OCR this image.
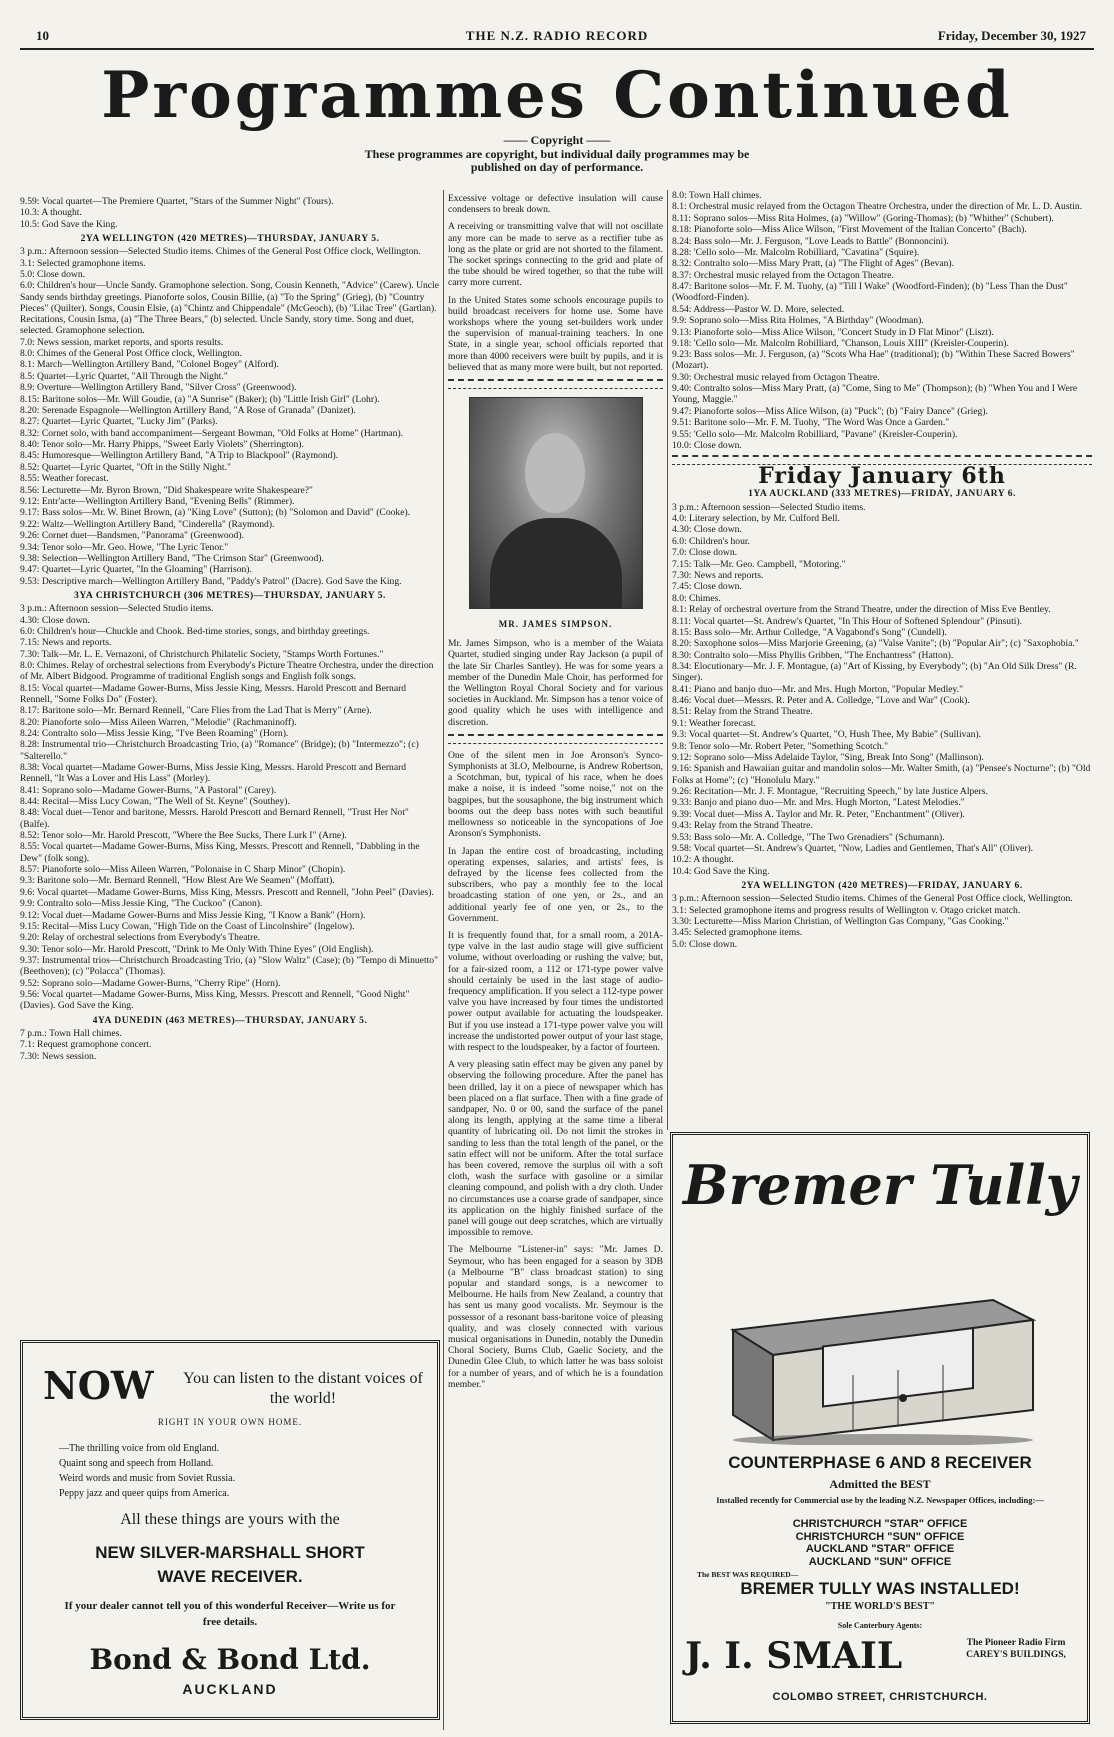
10	THE N.Z. RADIO RECORD	Friday, December 30, 1927
Programmes Continued
—— Copyright ——
These programmes are copyright, but individual daily programmes may be published on day of performance.
9.59: Vocal quartet—The Premiere Quartet, "Stars of the Summer Night" (Tours).
10.3: A thought.
10.5: God Save the King.
2YA WELLINGTON (420 METRES)—THURSDAY, JANUARY 5.
3 p.m.: Afternoon session—Selected Studio items. Chimes of the General Post Office clock, Wellington.
3.1: Selected gramophone items.
5.0: Close down.
6.0: Children's hour—Uncle Sandy. Gramophone selection. Song, Cousin Kenneth, "Advice" (Carew). Uncle Sandy sends birthday greetings. Pianoforte solos, Cousin Billie, (a) "To the Spring" (Grieg), (b) "Country Pieces" (Quilter). Songs, Cousin Elsie, (a) "Chintz and Chippendale" (McGeoch), (b) "Lilac Tree" (Gartlan). Recitations, Cousin Isma, (a) "The Three Bears," (b) selected. Uncle Sandy, story time. Song and duet, selected. Gramophone selection.
7.0: News session, market reports, and sports results.
8.0: Chimes of the General Post Office clock, Wellington.
8.1: March—Wellington Artillery Band, "Colonel Bogey" (Alford).
8.5: Quartet—Lyric Quartet, "All Through the Night."
8.9: Overture—Wellington Artillery Band, "Silver Cross" (Greenwood).
8.15: Baritone solos—Mr. Will Goudie, (a) "A Sunrise" (Baker); (b) "Little Irish Girl" (Lohr).
8.20: Serenade Espagnole—Wellington Artillery Band, "A Rose of Granada" (Danizet).
8.27: Quartet—Lyric Quartet, "Lucky Jim" (Parks).
8.32: Cornet solo, with band accompaniment—Sergeant Bowman, "Old Folks at Home" (Hartman).
8.40: Tenor solo—Mr. Harry Phipps, "Sweet Early Violets" (Sherrington).
8.45: Humoresque—Wellington Artillery Band, "A Trip to Blackpool" (Raymond).
8.52: Quartet—Lyric Quartet, "Oft in the Stilly Night."
8.55: Weather forecast.
8.56: Lecturette—Mr. Byron Brown, "Did Shakespeare write Shakespeare?"
9.12: Entr'acte—Wellington Artillery Band, "Evening Bells" (Rimmer).
9.17: Bass solos—Mr. W. Binet Brown, (a) "King Love" (Sutton); (b) "Solomon and David" (Cooke).
9.22: Waltz—Wellington Artillery Band, "Cinderella" (Raymond).
9.26: Cornet duet—Bandsmen, "Panorama" (Greenwood).
9.34: Tenor solo—Mr. Geo. Howe, "The Lyric Tenor."
9.38: Selection—Wellington Artillery Band, "The Crimson Star" (Greenwood).
9.47: Quartet—Lyric Quartet, "In the Gloaming" (Harrison).
9.53: Descriptive march—Wellington Artillery Band, "Paddy's Patrol" (Dacre). God Save the King.
3YA CHRISTCHURCH (306 METRES)—THURSDAY, JANUARY 5.
3 p.m.: Afternoon session—Selected Studio items.
4.30: Close down.
6.0: Children's hour—Chuckle and Chook. Bed-time stories, songs, and birthday greetings.
7.15: News and reports.
7.30: Talk—Mr. L. E. Vernazoni, of Christchurch Philatelic Society, "Stamps Worth Fortunes."
8.0: Chimes. Relay of orchestral selections from Everybody's Picture Theatre Orchestra, under the direction of Mr. Albert Bidgood. Programme of traditional English songs and English folk songs.
8.15: Vocal quartet—Madame Gower-Burns, Miss Jessie King, Messrs. Harold Prescott and Bernard Rennell, "Some Folks Do" (Foster).
8.17: Baritone solo—Mr. Bernard Rennell, "Care Flies from the Lad That is Merry" (Arne).
8.20: Pianoforte solo—Miss Aileen Warren, "Melodie" (Rachmaninoff).
8.24: Contralto solo—Miss Jessie King, "I've Been Roaming" (Horn).
8.28: Instrumental trio—Christchurch Broadcasting Trio, (a) "Romance" (Bridge); (b) "Intermezzo"; (c) "Salterello."
8.38: Vocal quartet—Madame Gower-Burns, Miss Jessie King, Messrs. Harold Prescott and Bernard Rennell, "It Was a Lover and His Lass" (Morley).
8.41: Soprano solo—Madame Gower-Burns, "A Pastoral" (Carey).
8.44: Recital—Miss Lucy Cowan, "The Well of St. Keyne" (Southey).
8.48: Vocal duet—Tenor and baritone, Messrs. Harold Prescott and Bernard Rennell, "Trust Her Not" (Balfe).
8.52: Tenor solo—Mr. Harold Prescott, "Where the Bee Sucks, There Lurk I" (Arne).
8.55: Vocal quartet—Madame Gower-Burns, Miss King, Messrs. Prescott and Rennell, "Dabbling in the Dew" (folk song).
8.57: Pianoforte solo—Miss Aileen Warren, "Polonaise in C Sharp Minor" (Chopin).
9.3: Baritone solo—Mr. Bernard Rennell, "How Blest Are We Seamen" (Moffatt).
9.6: Vocal quartet—Madame Gower-Burns, Miss King, Messrs. Prescott and Rennell, "John Peel" (Davies).
9.9: Contralto solo—Miss Jessie King, "The Cuckoo" (Canon).
9.12: Vocal duet—Madame Gower-Burns and Miss Jessie King, "I Know a Bank" (Horn).
9.15: Recital—Miss Lucy Cowan, "High Tide on the Coast of Lincolnshire" (Ingelow).
9.20: Relay of orchestral selections from Everybody's Theatre.
9.30: Tenor solo—Mr. Harold Prescott, "Drink to Me Only With Thine Eyes" (Old English).
9.37: Instrumental trios—Christchurch Broadcasting Trio, (a) "Slow Waltz" (Case); (b) "Tempo di Minuetto" (Beethoven); (c) "Polacca" (Thomas).
9.52: Soprano solo—Madame Gower-Burns, "Cherry Ripe" (Horn).
9.56: Vocal quartet—Madame Gower-Burns, Miss King, Messrs. Prescott and Rennell, "Good Night" (Davies). God Save the King.
4YA DUNEDIN (463 METRES)—THURSDAY, JANUARY 5.
7 p.m.: Town Hall chimes.
7.1: Request gramophone concert.
7.30: News session.

Excessive voltage or defective insulation will cause condensers to break down.

A receiving or transmitting valve that will not oscillate any more can be made to serve as a rectifier tube as long as the plate or grid are not shorted to the filament. The socket springs connecting to the grid and plate of the tube should be wired together, so that the tube will carry more current.

In the United States some schools encourage pupils to build broadcast receivers for home use. Some have workshops where the young set-builders work under the supervision of manual-training teachers. In one State, in a single year, school officials reported that more than 4000 receivers were built by pupils, and it is believed that as many more were built, but not reported.

MR. JAMES SIMPSON.

Mr. James Simpson, who is a member of the Waiata Quartet, studied singing under Ray Jackson (a pupil of the late Sir Charles Santley). He was for some years a member of the Dunedin Male Choir, has performed for the Wellington Royal Choral Society and for various societies in Auckland. Mr. Simpson has a tenor voice of good quality which he uses with intelligence and discretion.

One of the silent men in Joe Aronson's Synco-Symphonists at 3LO, Melbourne, is Andrew Robertson, a Scotchman, but, typical of his race, when he does make a noise, it is indeed "some noise," not on the bagpipes, but the sousaphone, the big instrument which booms out the deep bass notes with such beautiful mellowness so noticeable in the syncopations of Joe Aronson's Symphonists.

In Japan the entire cost of broadcasting, including operating expenses, salaries, and artists' fees, is defrayed by the license fees collected from the subscribers, who pay a monthly fee to the local broadcasting station of one yen, or 2s., and an additional yearly fee of one yen, or 2s., to the Government.

It is frequently found that, for a small room, a 201A-type valve in the last audio stage will give sufficient volume, without overloading or rushing the valve; but, for a fair-sized room, a 112 or 171-type power valve should certainly be used in the last stage of audio-frequency amplification. If you select a 112-type power valve you have increased by four times the undistorted power output available for actuating the loudspeaker. But if you use instead a 171-type power valve you will increase the undistorted power output of your last stage, with respect to the loudspeaker, by a factor of fourteen.

A very pleasing satin effect may be given any panel by observing the following procedure. After the panel has been drilled, lay it on a piece of newspaper which has been placed on a flat surface. Then with a fine grade of sandpaper, No. 0 or 00, sand the surface of the panel along its length, applying at the same time a liberal quantity of lubricating oil. Do not limit the strokes in sanding to less than the total length of the panel, or the satin effect will not be uniform. After the total surface has been covered, remove the surplus oil with a soft cloth, wash the surface with gasoline or a similar cleaning compound, and polish with a dry cloth. Under no circumstances use a coarse grade of sandpaper, since its application on the highly finished surface of the panel will gouge out deep scratches, which are virtually impossible to remove.

The Melbourne "Listener-in" says: "Mr. James D. Seymour, who has been engaged for a season by 3DB (a Melbourne "B" class broadcast station) to sing popular and standard songs, is a newcomer to Melbourne. He hails from New Zealand, a country that has sent us many good vocalists. Mr. Seymour is the possessor of a resonant bass-baritone voice of pleasing quality, and was closely connected with various musical organisations in Dunedin, notably the Dunedin Choral Society, Burns Club, Gaelic Society, and the Dunedin Glee Club, to which latter he was bass soloist for a number of years, and of which he is a foundation member."

8.0: Town Hall chimes.
8.1: Orchestral music relayed from the Octagon Theatre Orchestra, under the direction of Mr. L. D. Austin.
8.11: Soprano solos—Miss Rita Holmes, (a) "Willow" (Goring-Thomas); (b) "Whither" (Schubert).
8.18: Pianoforte solo—Miss Alice Wilson, "First Movement of the Italian Concerto" (Bach).
8.24: Bass solo—Mr. J. Ferguson, "Love Leads to Battle" (Bonnoncini).
8.28: 'Cello solo—Mr. Malcolm Robilliard, "Cavatina" (Squire).
8.32: Contralto solo—Miss Mary Pratt, (a) "The Flight of Ages" (Bevan).
8.37: Orchestral music relayed from the Octagon Theatre.
8.47: Baritone solos—Mr. F. M. Tuohy, (a) "Till I Wake" (Woodford-Finden); (b) "Less Than the Dust" (Woodford-Finden).
8.54: Address—Pastor W. D. More, selected.
9.9: Soprano solo—Miss Rita Holmes, "A Birthday" (Woodman).
9.13: Pianoforte solo—Miss Alice Wilson, "Concert Study in D Flat Minor" (Liszt).
9.18: 'Cello solo—Mr. Malcolm Robilliard, "Chanson, Louis XIII" (Kreisler-Couperin).
9.23: Bass solos—Mr. J. Ferguson, (a) "Scots Wha Hae" (traditional); (b) "Within These Sacred Bowers" (Mozart).
9.30: Orchestral music relayed from Octagon Theatre.
9.40: Contralto solos—Miss Mary Pratt, (a) "Come, Sing to Me" (Thompson); (b) "When You and I Were Young, Maggie."
9.47: Pianoforte solos—Miss Alice Wilson, (a) "Puck"; (b) "Fairy Dance" (Grieg).
9.51: Baritone solo—Mr. F. M. Tuohy, "The Word Was Once a Garden."
9.55: 'Cello solo—Mr. Malcolm Robilliard, "Pavane" (Kreisler-Couperin).
10.0: Close down.
Friday January 6th
1YA AUCKLAND (333 METRES)—FRIDAY, JANUARY 6.
3 p.m.: Afternoon session—Selected Studio items.
4.0: Literary selection, by Mr. Culford Bell.
4.30: Close down.
6.0: Children's hour.
7.0: Close down.
7.15: Talk—Mr. Geo. Campbell, "Motoring."
7.30: News and reports.
7.45: Close down.
8.0: Chimes.
8.1: Relay of orchestral overture from the Strand Theatre, under the direction of Miss Eve Bentley.
8.11: Vocal quartet—St. Andrew's Quartet, "In This Hour of Softened Splendour" (Pinsuti).
8.15: Bass solo—Mr. Arthur Colledge, "A Vagabond's Song" (Cundell).
8.20: Saxophone solos—Miss Marjorie Greening, (a) "Valse Vanite"; (b) "Popular Air"; (c) "Saxophobia."
8.30: Contralto solo—Miss Phyllis Gribben, "The Enchantress" (Hatton).
8.34: Elocutionary—Mr. J. F. Montague, (a) "Art of Kissing, by Everybody"; (b) "An Old Silk Dress" (R. Singer).
8.41: Piano and banjo duo—Mr. and Mrs. Hugh Morton, "Popular Medley."
8.46: Vocal duet—Messrs. R. Peter and A. Colledge, "Love and War" (Cook).
8.51: Relay from the Strand Theatre.
9.1: Weather forecast.
9.3: Vocal quartet—St. Andrew's Quartet, "O, Hush Thee, My Babie" (Sullivan).
9.8: Tenor solo—Mr. Robert Peter, "Something Scotch."
9.12: Soprano solo—Miss Adelaide Taylor, "Sing, Break Into Song" (Mallinson).
9.16: Spanish and Hawaiian guitar and mandolin solos—Mr. Walter Smith, (a) "Pensee's Nocturne"; (b) "Old Folks at Home"; (c) "Honolulu Mary."
9.26: Recitation—Mr. J. F. Montague, "Recruiting Speech," by late Justice Alpers.
9.33: Banjo and piano duo—Mr. and Mrs. Hugh Morton, "Latest Melodies."
9.39: Vocal duet—Miss A. Taylor and Mr. R. Peter, "Enchantment" (Oliver).
9.43: Relay from the Strand Theatre.
9.53: Bass solo—Mr. A. Colledge, "The Two Grenadiers" (Schumann).
9.58: Vocal quartet—St. Andrew's Quartet, "Now, Ladies and Gentlemen, That's All" (Oliver).
10.2: A thought.
10.4: God Save the King.
2YA WELLINGTON (420 METRES)—FRIDAY, JANUARY 6.
3 p.m.: Afternoon session—Selected Studio items. Chimes of the General Post Office clock, Wellington.
3.1: Selected gramophone items and progress results of Wellington v. Otago cricket match.
3.30: Lecturette—Miss Marion Christian, of Wellington Gas Company, "Gas Cooking."
3.45: Selected gramophone items.
5.0: Close down.
NOW You can listen to the distant voices of the world!
RIGHT IN YOUR OWN HOME.
—The thrilling voice from old England.
Quaint song and speech from Holland.
Weird words and music from Soviet Russia.
Peppy jazz and queer quips from America.
All these things are yours with the
NEW SILVER-MARSHALL SHORT WAVE RECEIVER.
If your dealer cannot tell you of this wonderful Receiver—Write us for free details.
Bond & Bond Ltd.
AUCKLAND
Bremer Tully
COUNTERPHASE 6 AND 8 RECEIVER
Admitted the BEST
Installed recently for Commercial use by the leading N.Z. Newspaper Offices, including:—
CHRISTCHURCH "STAR" OFFICE
CHRISTCHURCH "SUN" OFFICE
AUCKLAND "STAR" OFFICE
AUCKLAND "SUN" OFFICE
The BEST WAS REQUIRED—
BREMER TULLY WAS INSTALLED!
"THE WORLD'S BEST"
Sole Canterbury Agents:
J. I. SMAIL	The Pioneer Radio Firm
CAREY'S BUILDINGS,
COLOMBO STREET, CHRISTCHURCH.
